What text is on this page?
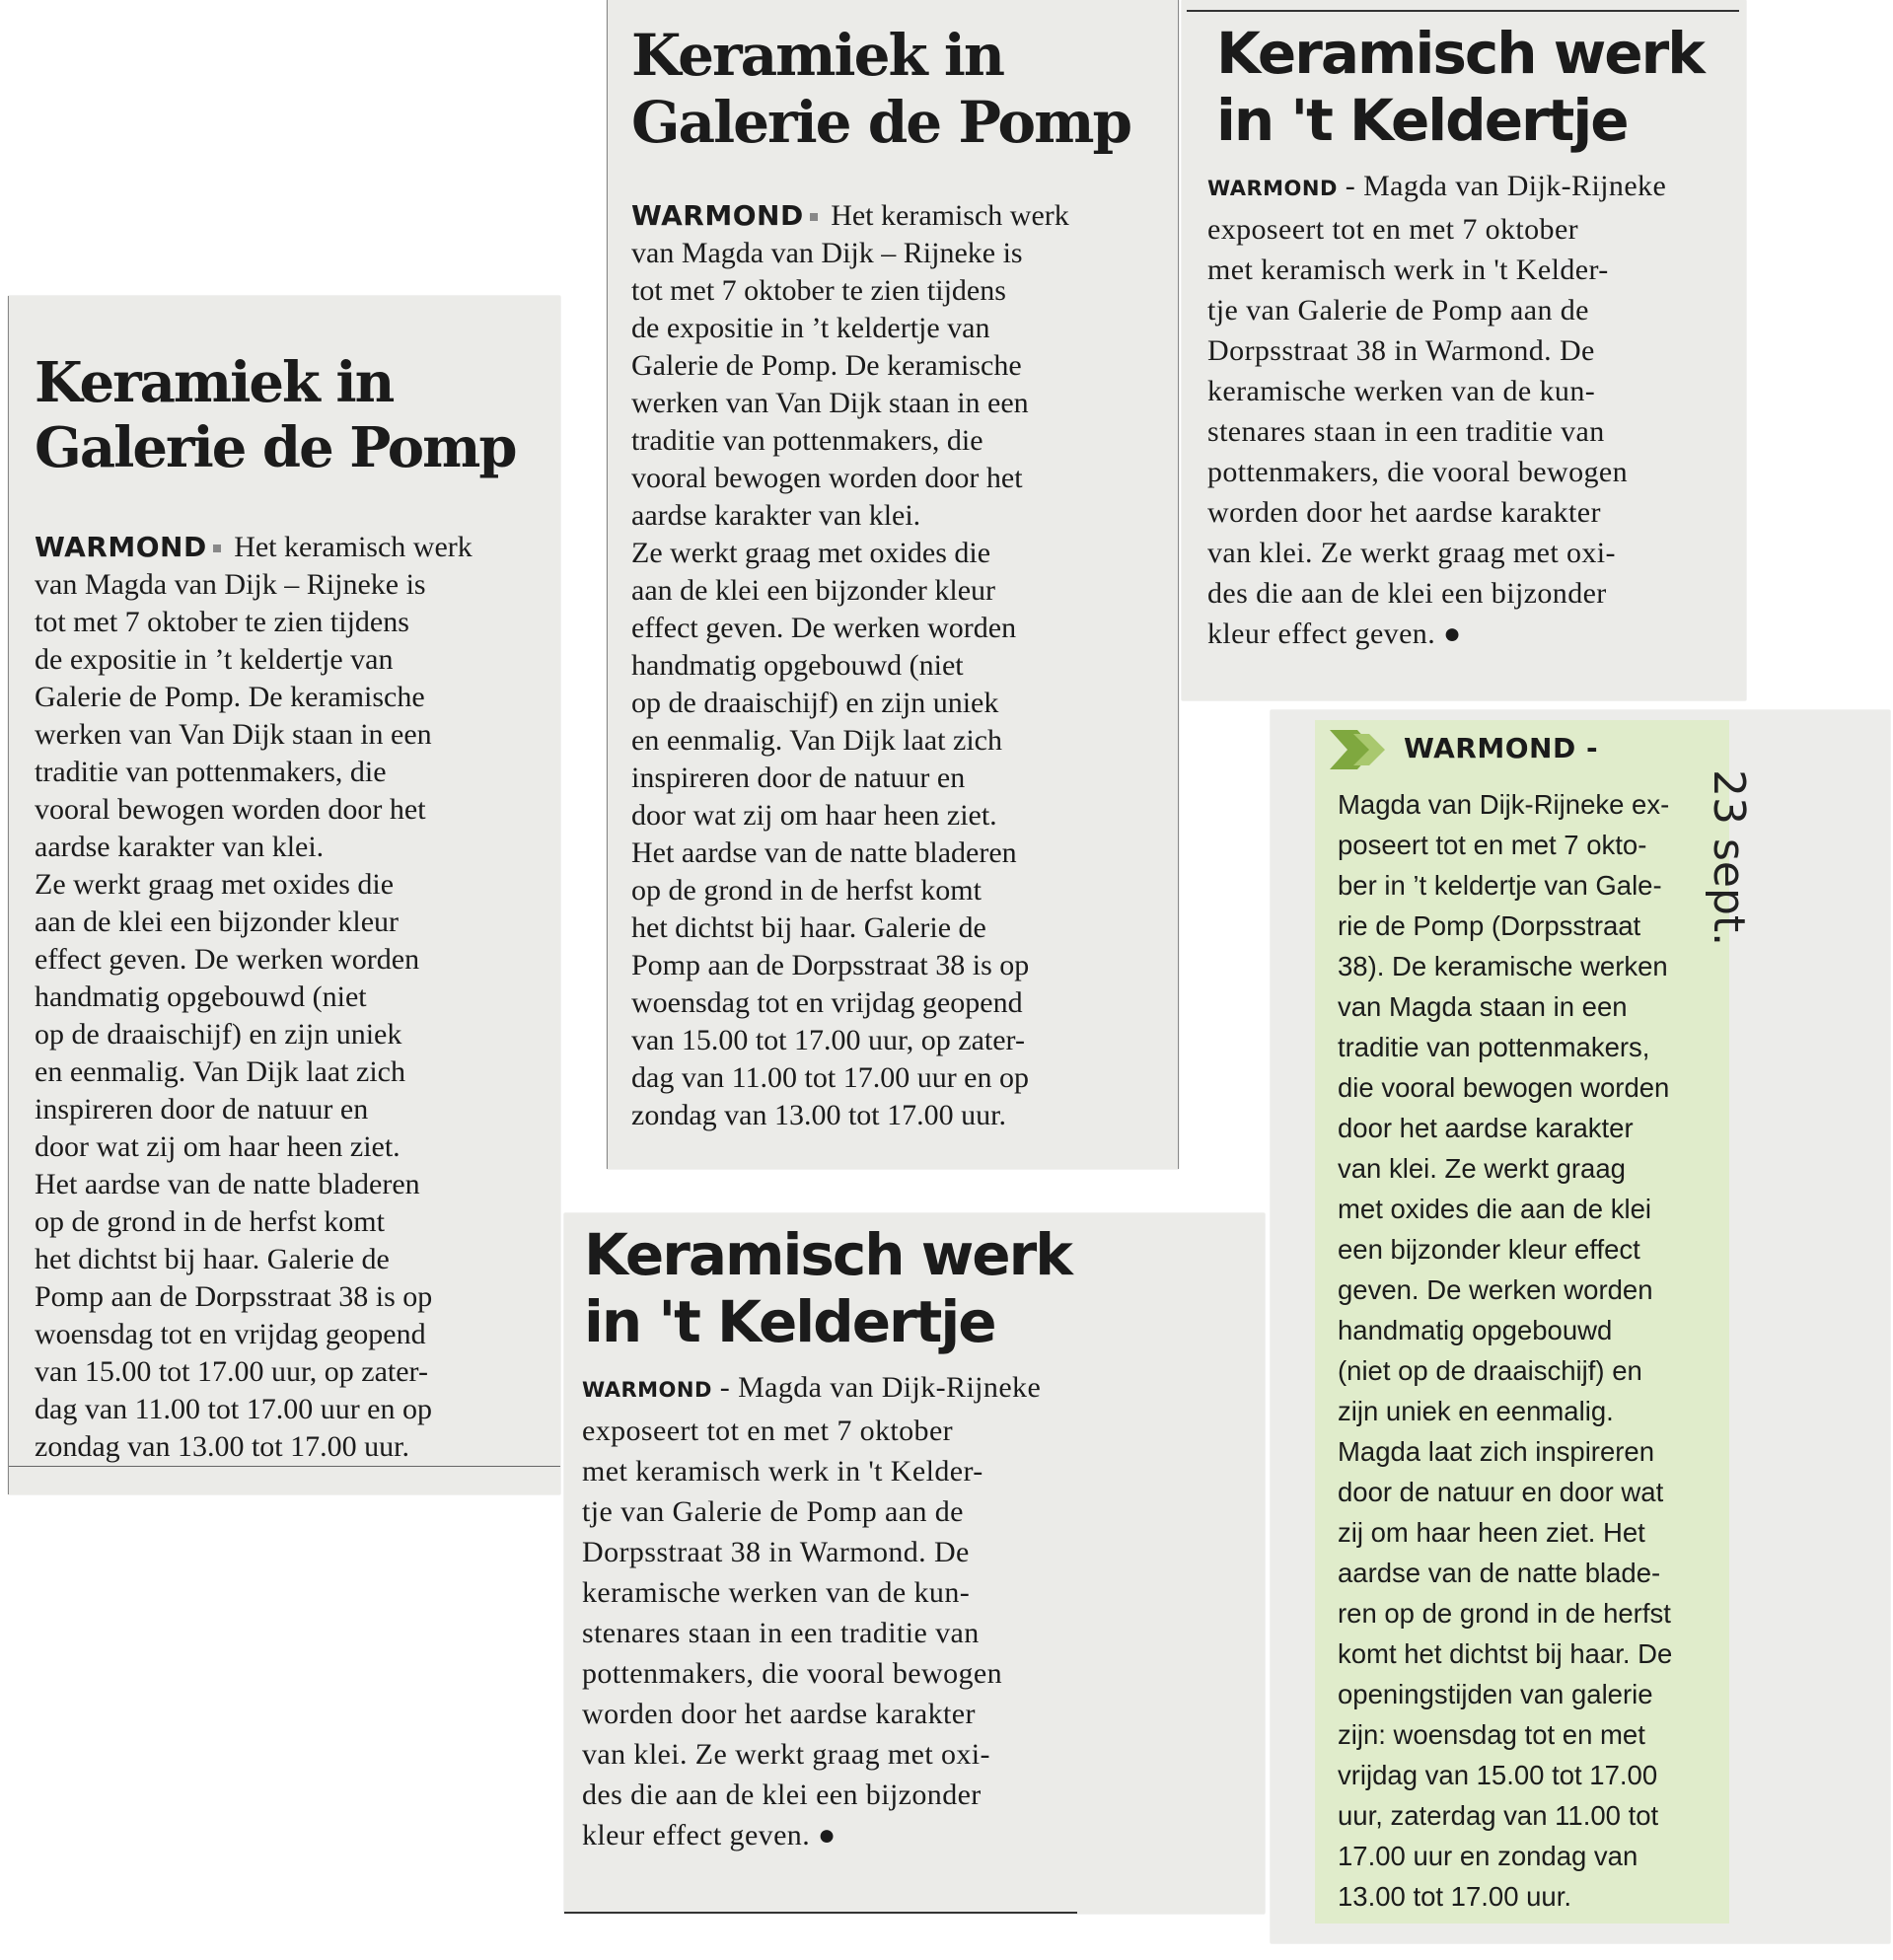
Keramiek in
Galerie de Pomp

WARMOND Het keramisch werk
van Magda van Dijk – Rijneke is
tot met 7 oktober te zien tijdens
de expositie in ’t keldertje van
Galerie de Pomp. De keramische
werken van Van Dijk staan in een
traditie van pottenmakers, die
vooral bewogen worden door het
aardse karakter van klei.
Ze werkt graag met oxides die
aan de klei een bijzonder kleur
effect geven. De werken worden
handmatig opgebouwd (niet
op de draaischijf) en zijn uniek
en eenmalig. Van Dijk laat zich
inspireren door de natuur en
door wat zij om haar heen ziet.
Het aardse van de natte bladeren
op de grond in de herfst komt
het dichtst bij haar. Galerie de
Pomp aan de Dorpsstraat 38 is op
woensdag tot en vrijdag geopend
van 15.00 tot 17.00 uur, op zater-
dag van 11.00 tot 17.00 uur en op
zondag van 13.00 tot 17.00 uur.

Keramiek in
Galerie de Pomp

WARMOND Het keramisch werk
van Magda van Dijk – Rijneke is
tot met 7 oktober te zien tijdens
de expositie in ’t keldertje van
Galerie de Pomp. De keramische
werken van Van Dijk staan in een
traditie van pottenmakers, die
vooral bewogen worden door het
aardse karakter van klei.
Ze werkt graag met oxides die
aan de klei een bijzonder kleur
effect geven. De werken worden
handmatig opgebouwd (niet
op de draaischijf) en zijn uniek
en eenmalig. Van Dijk laat zich
inspireren door de natuur en
door wat zij om haar heen ziet.
Het aardse van de natte bladeren
op de grond in de herfst komt
het dichtst bij haar. Galerie de
Pomp aan de Dorpsstraat 38 is op
woensdag tot en vrijdag geopend
van 15.00 tot 17.00 uur, op zater-
dag van 11.00 tot 17.00 uur en op
zondag van 13.00 tot 17.00 uur.

Keramisch werk
in 't Keldertje

WARMOND - Magda van Dijk-Rijneke
exposeert tot en met 7 oktober
met keramisch werk in 't Kelder-
tje van Galerie de Pomp aan de
Dorpsstraat 38 in Warmond. De
keramische werken van de kun-
stenares staan in een traditie van
pottenmakers, die vooral bewogen
worden door het aardse karakter
van klei. Ze werkt graag met oxi-
des die aan de klei een bijzonder
kleur effect geven. ●

Keramisch werk
in 't Keldertje

WARMOND - Magda van Dijk-Rijneke
exposeert tot en met 7 oktober
met keramisch werk in 't Kelder-
tje van Galerie de Pomp aan de
Dorpsstraat 38 in Warmond. De
keramische werken van de kun-
stenares staan in een traditie van
pottenmakers, die vooral bewogen
worden door het aardse karakter
van klei. Ze werkt graag met oxi-
des die aan de klei een bijzonder
kleur effect geven. ●

WARMOND -

Magda van Dijk-Rijneke ex-
poseert tot en met 7 okto-
ber in ’t keldertje van Gale-
rie de Pomp (Dorpsstraat
38). De keramische werken
van Magda staan in een
traditie van pottenmakers,
die vooral bewogen worden
door het aardse karakter
van klei. Ze werkt graag
met oxides die aan de klei
een bijzonder kleur effect
geven. De werken worden
handmatig opgebouwd
(niet op de draaischijf) en
zijn uniek en eenmalig.
Magda laat zich inspireren
door de natuur en door wat
zij om haar heen ziet. Het
aardse van de natte blade-
ren op de grond in de herfst
komt het dichtst bij haar. De
openingstijden van galerie
zijn: woensdag tot en met
vrijdag van 15.00 tot 17.00
uur, zaterdag van 11.00 tot
17.00 uur en zondag van
13.00 tot 17.00 uur.

23 sept.
